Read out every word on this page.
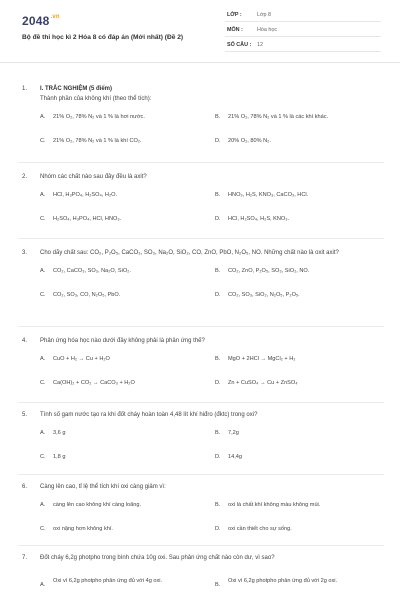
$2048^{.vn}$
Bộ đề thi học kì 2 Hóa 8 có đáp án (Mới nhất) (Đề 2)
LỚP :	Lớp 8
MÔN :	Hóa học
SỐ CÂU : 12
1. I. TRẮC NGHIỆM (5 điểm)
Thành phần của không khí (theo thể tích):
A. 21% O₂, 78% N₂ và 1 % là hơi nước.	B. 21% O₂, 78% N₂ và 1 % là các khí khác.
C. 21% O₂, 78% N₂ và 1 % là khí CO₂.	D. 20% O₂, 80% N₂.
2. Nhóm các chất nào sau đây đều là axit?
A. HCl, H₃PO₄, H₂SO₄, H₂O.	B. HNO₃, H₂S, KNO₃, CaCO₃, HCl.
C. H₂SO₄, H₃PO₄, HCl, HNO₃.	D. HCl, H₂SO₄, H₂S, KNO₃.
3. Cho dãy chất sau: CO₂, P₂O₅, CaCO₃, SO₃, Na₂O, SiO₂, CO, ZnO, PbO, N₂O₅, NO. Những chất nào là oxit axit?
A. CO₂, CaCO₃, SO₃, Na₂O, SiO₂.	B. CO₂, ZnO, P₂O₅, SO₃, SiO₂, NO.
C. CO₂, SO₃, CO, N₂O₅, PbO.	D. CO₂, SO₃, SiO₂, N₂O₅, P₂O₅.
4. Phản ứng hóa học nào dưới đây không phải là phản ứng thế?
A. CuO + H₂ → Cu + H₂O	B. MgO + 2HCl → MgCl₂ + H₂
C. Ca(OH)₂ + CO₂ → CaCO₃ + H₂O	D. Zn + CuSO₄ → Cu + ZnSO₄
5. Tính số gam nước tạo ra khi đốt cháy hoàn toàn 4,48 lít khí hiđro (đktc) trong oxi?
A. 3,6 g	B. 7,2g
C. 1,8 g	D. 14,4g
6. Càng lên cao, tỉ lệ thể tích khí oxi càng giảm vì:
A. càng lên cao không khí càng loãng.	B. oxi là chất khí không màu không mùi.
C. oxi nặng hơn không khí.	D. oxi cần thiết cho sự sống.
7. Đốt cháy 6,2g photpho trong bình chứa 10g oxi. Sau phản ứng chất nào còn dư, vì sao?
A.
Oxi vì 6,2g photpho phản ứng đủ với 4g oxi.
B.
Oxi vì 6,2g photpho phản ứng đủ với 2g oxi.
